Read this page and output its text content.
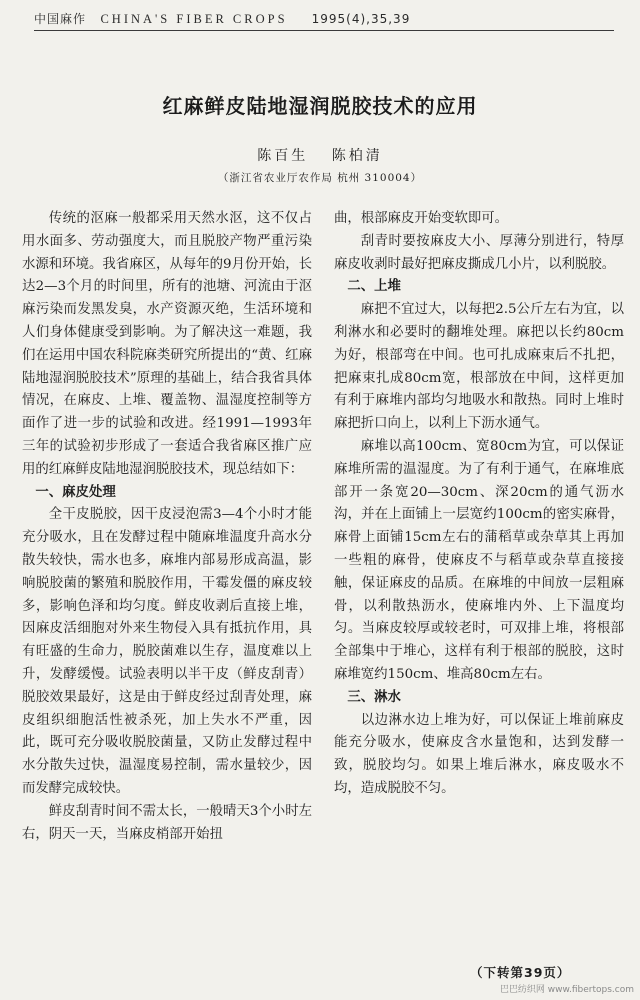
中国麻作 CHINA'S FIBER CROPS 1995(4),35,39
红麻鲜皮陆地湿润脱胶技术的应用
陈百生 陈柏清
（浙江省农业厅农作局 杭州 310004）

传统的沤麻一般都采用天然水沤，这不仅占用水面多、劳动强度大，而且脱胶产物严重污染水源和环境。我省麻区，从每年的9月份开始，长达2—3个月的时间里，所有的池塘、河流由于沤麻污染而发黑发臭，水产资源灭绝，生活环境和人们身体健康受到影响。为了解决这一难题，我们在运用中国农科院麻类研究所提出的“黄、红麻陆地湿润脱胶技术”原理的基础上，结合我省具体情况，在麻皮、上堆、覆盖物、温湿度控制等方面作了进一步的试验和改进。经1991—1993年三年的试验初步形成了一套适合我省麻区推广应用的红麻鲜皮陆地湿润脱胶技术，现总结如下：

一、麻皮处理

全干皮脱胶，因干皮浸泡需3—4个小时才能充分吸水，且在发酵过程中随麻堆温度升高水分散失较快，需水也多，麻堆内部易形成高温，影响脱胶菌的繁殖和脱胶作用，干霉发僵的麻皮较多，影响色泽和均匀度。鲜皮收剥后直接上堆，因麻皮活细胞对外来生物侵入具有抵抗作用，具有旺盛的生命力，脱胶菌难以生存，温度难以上升，发酵缓慢。试验表明以半干皮（鲜皮刮青）脱胶效果最好，这是由于鲜皮经过刮青处理，麻皮组织细胞活性被杀死，加上失水不严重，因此，既可充分吸收脱胶菌量，又防止发酵过程中水分散失过快，温湿度易控制，需水量较少，因而发酵完成较快。

鲜皮刮青时间不需太长，一般晴天3个小时左右，阴天一天，当麻皮梢部开始扭

曲，根部麻皮开始变软即可。

刮青时要按麻皮大小、厚薄分别进行，特厚麻皮收剥时最好把麻皮撕成几小片，以利脱胶。

二、上堆

麻把不宜过大，以每把2.5公斤左右为宜，以利淋水和必要时的翻堆处理。麻把以长约80cm为好，根部弯在中间。也可扎成麻束后不扎把，把麻束扎成80cm宽，根部放在中间，这样更加有利于麻堆内部均匀地吸水和散热。同时上堆时麻把折口向上，以利上下沥水通气。

麻堆以高100cm、宽80cm为宜，可以保证麻堆所需的温湿度。为了有利于通气，在麻堆底部开一条宽20—30cm、深20cm的通气沥水沟，并在上面铺上一层宽约100cm的密实麻骨，麻骨上面铺15cm左右的蒲稻草或杂草其上再加一些粗的麻骨，使麻皮不与稻草或杂草直接接触，保证麻皮的品质。在麻堆的中间放一层粗麻骨，以利散热沥水，使麻堆内外、上下温度均匀。当麻皮较厚或较老时，可双排上堆，将根部全部集中于堆心，这样有利于根部的脱胶，这时麻堆宽约150cm、堆高80cm左右。

三、淋水

以边淋水边上堆为好，可以保证上堆前麻皮能充分吸水，使麻皮含水量饱和，达到发酵一致，脱胶均匀。如果上堆后淋水，麻皮吸水不均，造成脱胶不匀。

（下转第39页）
巴巴纺织网 www.fibertops.com
